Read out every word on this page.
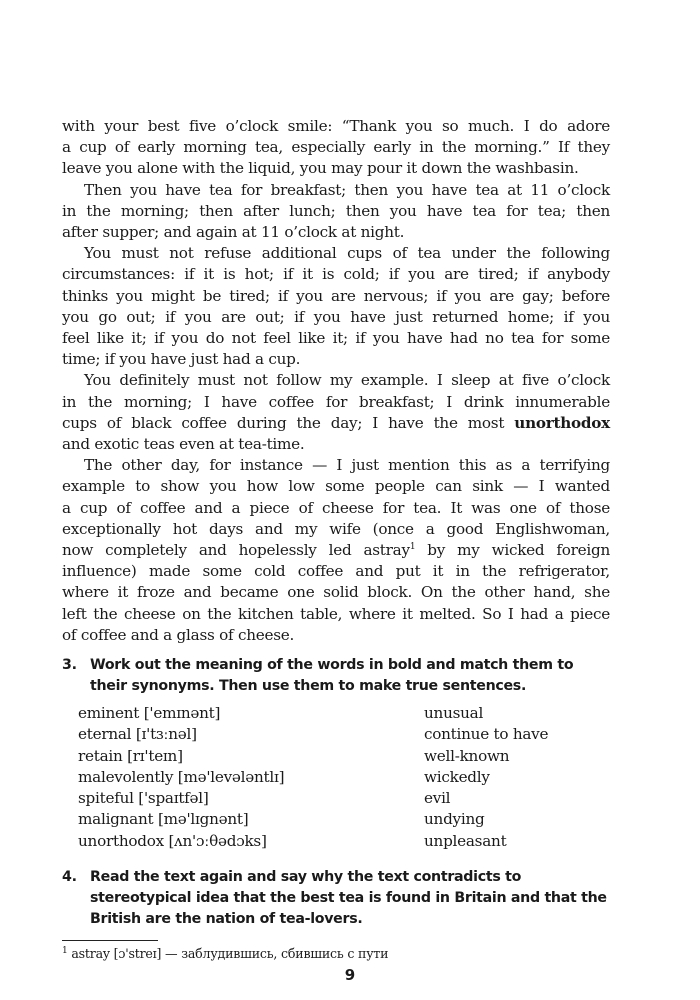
with your best five o’clock smile: “Thank you so much. I do adore
a cup of early morning tea, especially early in the morning.” If they
leave you alone with the liquid, you may pour it down the washbasin.
Then you have tea for breakfast; then you have tea at 11 o’clock
in the morning; then after lunch; then you have tea for tea; then
after supper; and again at 11 o’clock at night.
You must not refuse additional cups of tea under the following
circumstances: if it is hot; if it is cold; if you are tired; if anybody
thinks you might be tired; if you are nervous; if you are gay; before
you go out; if you are out; if you have just returned home; if you
feel like it; if you do not feel like it; if you have had no tea for some
time; if you have just had a cup.
You definitely must not follow my example. I sleep at five o’clock
in the morning; I have coffee for breakfast; I drink innumerable
cups of black coffee during the day; I have the most unorthodox
and exotic teas even at tea-time.
The other day, for instance — I just mention this as a terrifying
example to show you how low some people can sink — I wanted
a cup of coffee and a piece of cheese for tea. It was one of those
exceptionally hot days and my wife (once a good Englishwoman,
now completely and hopelessly led astray$^1$ by my wicked foreign
influence) made some cold coffee and put it in the refrigerator,
where it froze and became one solid block. On the other hand, she
left the cheese on the kitchen table, where it melted. So I had a piece
of coffee and a glass of cheese.
3. Work out the meaning of the words in bold and match them to their synonyms. Then use them to make true sentences.
eminent ['emɪnənt]	unusual
eternal [ɪ'tɜːnəl]	continue to have
retain [rɪ'teɪn]	well-known
malevolently [mə'levələntlɪ]	wickedly
spiteful ['spaɪtfəl]	evil
malignant [mə'lɪgnənt]	undying
unorthodox [ʌn'ɔːθədɔks]	unpleasant
4. Read the text again and say why the text contradicts to stereotypical idea that the best tea is found in Britain and that the British are the nation of tea-lovers.
$^1$ astray [ɔ'streɪ] — заблудившись, сбившись с пути
9
